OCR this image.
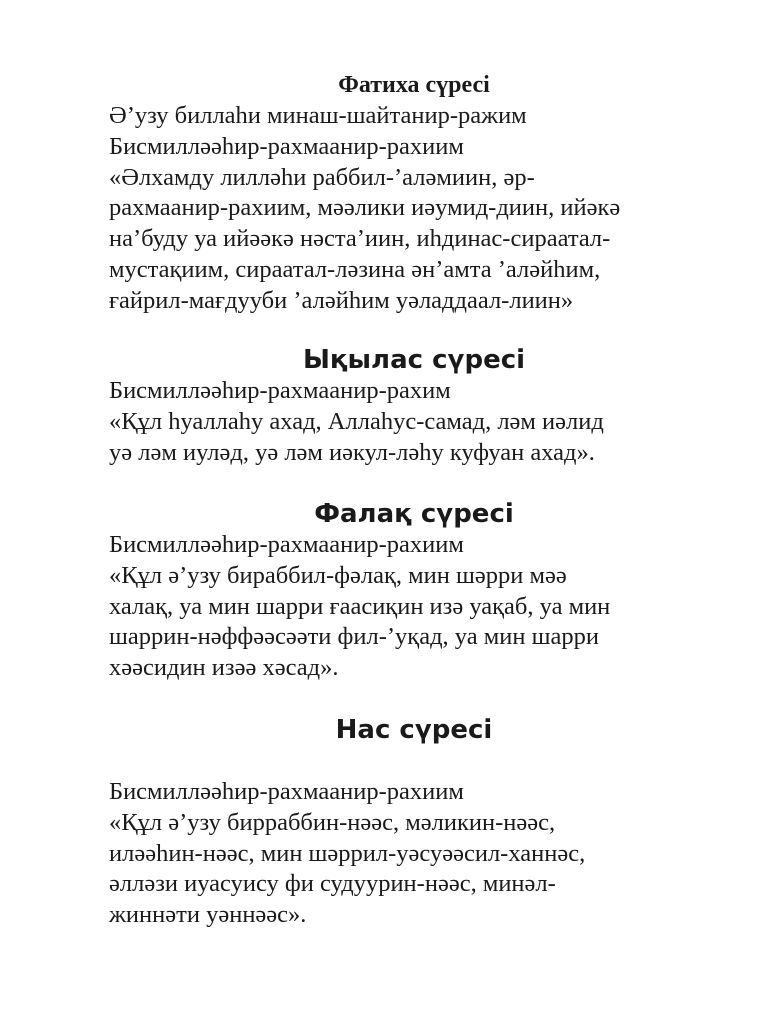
Фатиха сүресі
Ә’узу биллаһи минаш-шайтанир-ражим
Бисмилләәһир-рахмаанир-рахиим
«Әлхамду лилләһи раббил-’аләмиин, әр-
рахмаанир-рахиим, мәәлики иәумид-диин, ийәкә
на’буду уа ийәәкә нәста’иин, иһдинас-сираатал-
мустақиим, сираатал-ләзина ән’амта ’аләйһим,
ғайрил-мағдууби ’аләйһим уәладдаал-лиин»
Ықылас сүресі
Бисмилләәһир-рахмаанир-рахим
«Құл һуаллаһу ахад, Аллаһус-самад, ләм иәлид
уә ләм иуләд, уә ләм иәкул-ләһу куфуан ахад».
Фалақ сүресі
Бисмилләәһир-рахмаанир-рахиим
«Құл ә’узу бираббил-фәлақ, мин шәрри мәә
халақ, уа мин шарри ғаасиқин изә уақаб, уа мин
шаррин-нәффәәсәәти фил-’уқад, уа мин шарри
хәәсидин изәә хәсад».
Нас сүресі
Бисмилләәһир-рахмаанир-рахиим
«Құл ә’узу бирраббин-нәәс, мәликин-нәәс,
иләәһин-нәәс, мин шәррил-уәсуәәсил-ханнәс,
әлләзи иуасуису фи судуурин-нәәс, минәл-
жиннәти уәннәәс».
